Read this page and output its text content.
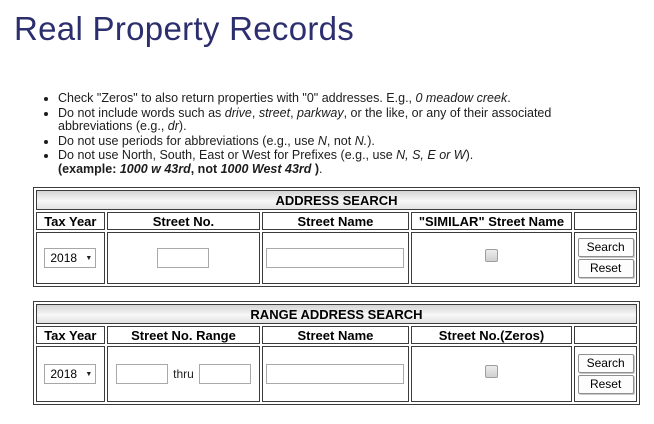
Real Property Records
• Check "Zeros" to also return properties with "0" addresses. E.g., 0 meadow creek.
• Do not include words such as drive, street, parkway, or the like, or any of their associated abbreviations (e.g., dr).
• Do not use periods for abbreviations (e.g., use N, not N.).
• Do not use North, South, East or West for Prefixes (e.g., use N, S, E or W).
(example: 1000 w 43rd, not 1000 West 43rd ).
ADDRESS SEARCH				
Tax Year	Street No.	Street Name	"SIMILAR" Street Name	

2018 ▼				Search
Reset
RANGE ADDRESS SEARCH				
Tax Year	Street No. Range	Street Name	Street No.(Zeros)	

2018 ▼	thru			Search
Reset
